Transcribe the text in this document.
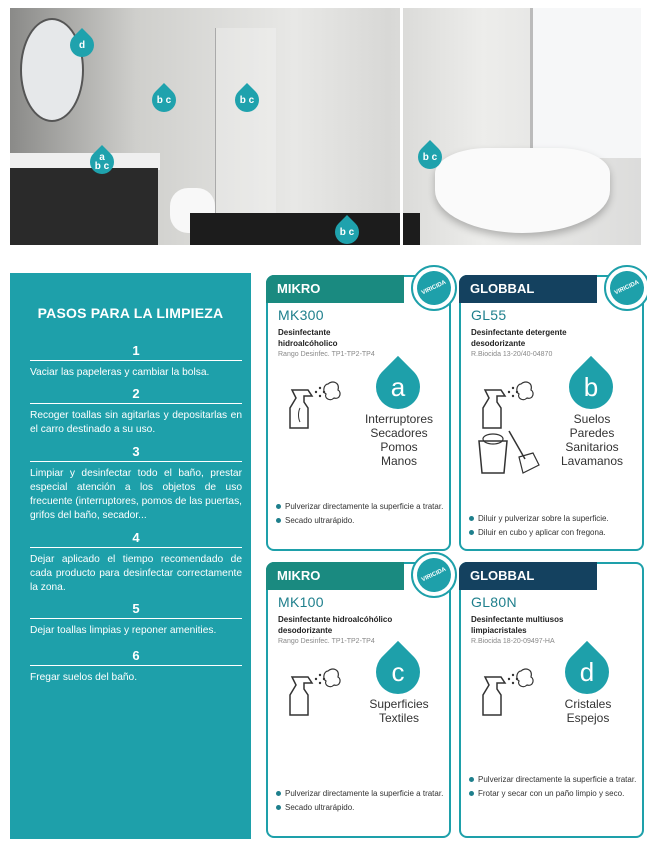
d
b c	b c
a
b c
b c
b c
PASOS PARA LA LIMPIEZA
1
Vaciar las papeleras y cambiar la bolsa.
2
Recoger toallas sin agitarlas y depositarlas en el carro destinado a su uso.
3
Limpiar y desinfectar todo el baño, prestar especial atención a los objetos de uso frecuente (interruptores, pomos de las puertas, grifos del baño, secador...
4
Dejar aplicado el tiempo recomendado de cada producto para desinfectar correctamente la zona.
5
Dejar toallas limpias y reponer amenities.
6
Fregar suelos del baño.
MIKRO	VIRICIDA
MK300
Desinfectante
hidroalcóholico
Rango Desinfec. TP1-TP2-TP4
a
Interruptores
Secadores
Pomos
Manos
Pulverizar directamente la superficie a tratar.
Secado ultrarápido.
GLOBBAL	VIRICIDA
GL55
Desinfectante detergente
desodorizante
R.Biocida 13-20/40-04870
b
Suelos
Paredes
Sanitarios
Lavamanos
Diluir y pulverizar sobre la superficie.
Diluir en cubo y aplicar con fregona.
MIKRO	VIRICIDA
MK100
Desinfectante hidroalcóhólico
desodorizante
Rango Desinfec. TP1-TP2-TP4
c
Superficies
Textiles
Pulverizar directamente la superficie a tratar.
Secado ultrarápido.
GLOBBAL
GL80N
Desinfectante multiusos
limpiacristales
R.Biocida 18-20-09497-HA
d
Cristales
Espejos
Pulverizar directamente la superficie a tratar.
Frotar y secar con un paño limpio y seco.
